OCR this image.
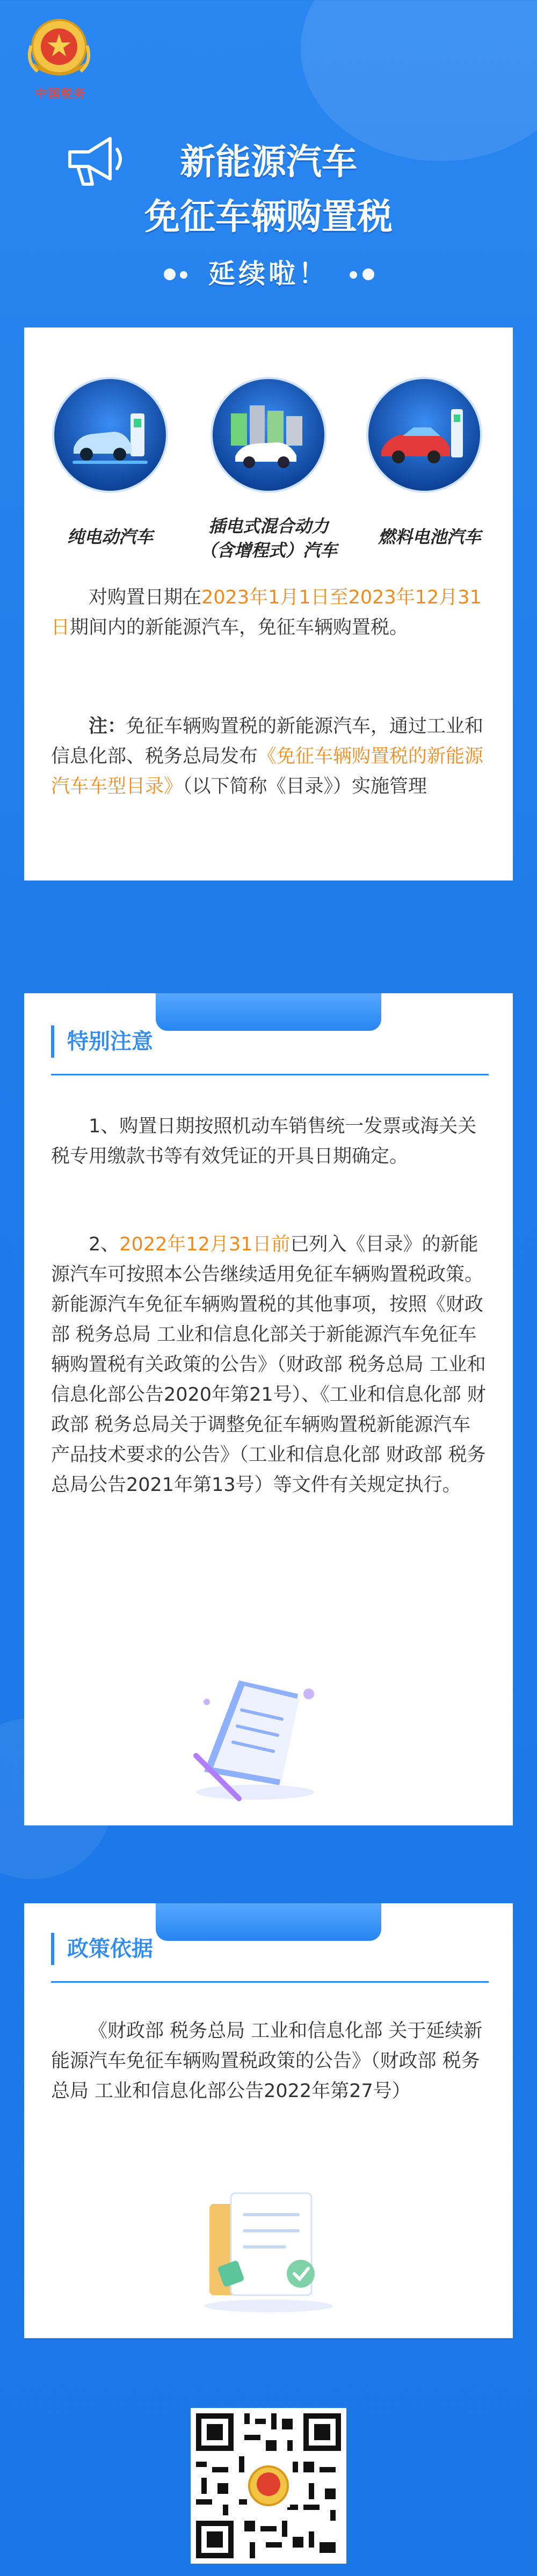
中国税务
新能源汽车
免征车辆购置税
延续啦！
纯电动汽车
插电式混合动力
（含增程式）汽车
燃料电池汽车
对购置日期在2023年1月1日至2023年12月31日期间内的新能源汽车，免征车辆购置税。
注：免征车辆购置税的新能源汽车，通过工业和信息化部、税务总局发布《免征车辆购置税的新能源汽车车型目录》（以下简称《目录》）实施管理
特别注意
1、购置日期按照机动车销售统一发票或海关关税专用缴款书等有效凭证的开具日期确定。
2、2022年12月31日前已列入《目录》的新能源汽车可按照本公告继续适用免征车辆购置税政策。新能源汽车免征车辆购置税的其他事项，按照《财政部 税务总局 工业和信息化部关于新能源汽车免征车辆购置税有关政策的公告》（财政部 税务总局 工业和信息化部公告2020年第21号）、《工业和信息化部 财政部 税务总局关于调整免征车辆购置税新能源汽车产品技术要求的公告》（工业和信息化部 财政部 税务总局公告2021年第13号）等文件有关规定执行。
政策依据
《财政部 税务总局 工业和信息化部 关于延续新能源汽车免征车辆购置税政策的公告》（财政部 税务总局 工业和信息化部公告2022年第27号）
